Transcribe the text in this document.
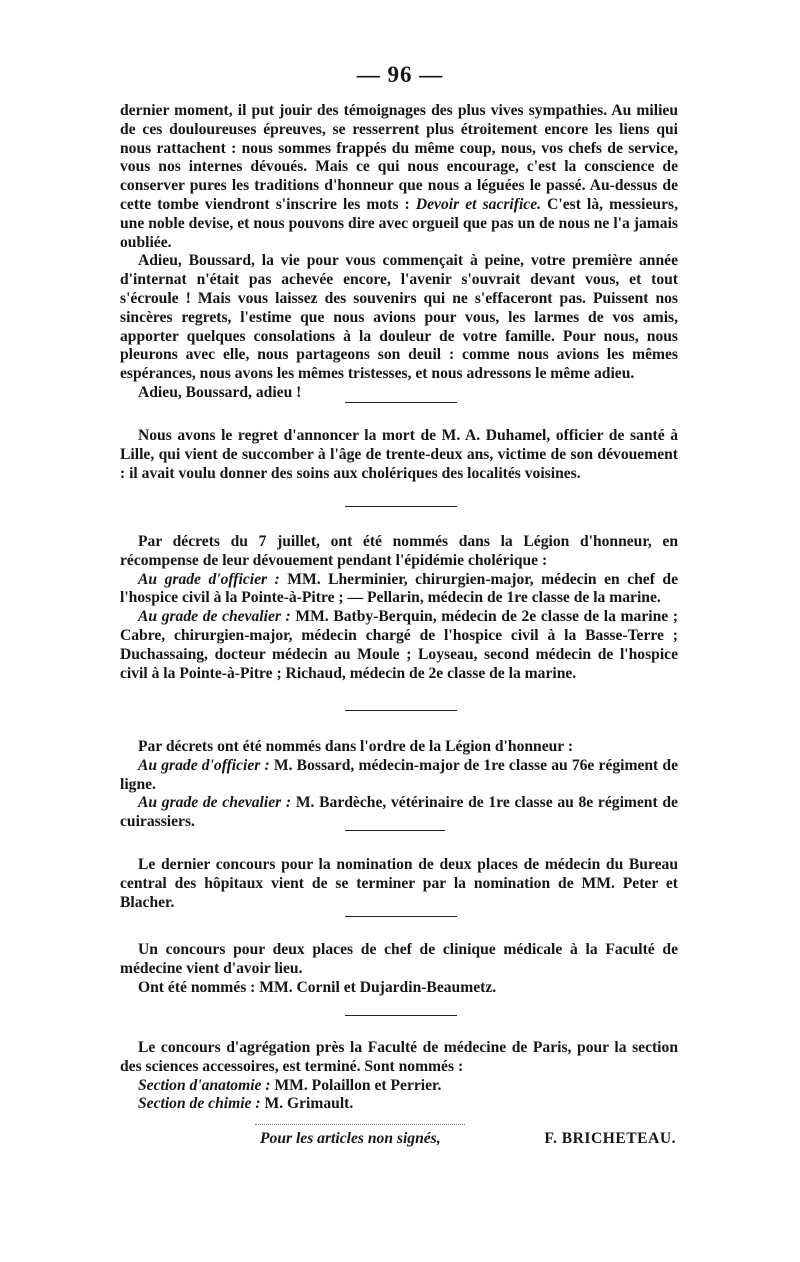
— 96 —

dernier moment, il put jouir des témoignages des plus vives sympathies. Au milieu de ces douloureuses épreuves, se resserrent plus étroitement encore les liens qui nous rattachent : nous sommes frappés du même coup, nous, vos chefs de service, vous nos internes dévoués. Mais ce qui nous encourage, c'est la conscience de conserver pures les traditions d'honneur que nous a léguées le passé. Au-dessus de cette tombe viendront s'inscrire les mots : Devoir et sacrifice. C'est là, messieurs, une noble devise, et nous pouvons dire avec orgueil que pas un de nous ne l'a jamais oubliée.

Adieu, Boussard, la vie pour vous commençait à peine, votre première année d'internat n'était pas achevée encore, l'avenir s'ouvrait devant vous, et tout s'écroule ! Mais vous laissez des souvenirs qui ne s'effaceront pas. Puissent nos sincères regrets, l'estime que nous avions pour vous, les larmes de vos amis, apporter quelques consolations à la douleur de votre famille. Pour nous, nous pleurons avec elle, nous partageons son deuil : comme nous avions les mêmes espérances, nous avons les mêmes tristesses, et nous adressons le même adieu.

Adieu, Boussard, adieu !

Nous avons le regret d'annoncer la mort de M. A. Duhamel, officier de santé à Lille, qui vient de succomber à l'âge de trente-deux ans, victime de son dévouement : il avait voulu donner des soins aux cholériques des localités voisines.

Par décrets du 7 juillet, ont été nommés dans la Légion d'honneur, en récompense de leur dévouement pendant l'épidémie cholérique :

Au grade d'officier : MM. Lherminier, chirurgien-major, médecin en chef de l'hospice civil à la Pointe-à-Pitre ; — Pellarin, médecin de 1re classe de la marine.

Au grade de chevalier : MM. Batby-Berquin, médecin de 2e classe de la marine ; Cabre, chirurgien-major, médecin chargé de l'hospice civil à la Basse-Terre ; Duchassaing, docteur médecin au Moule ; Loyseau, second médecin de l'hospice civil à la Pointe-à-Pitre ; Richaud, médecin de 2e classe de la marine.

Par décrets ont été nommés dans l'ordre de la Légion d'honneur :

Au grade d'officier : M. Bossard, médecin-major de 1re classe au 76e régiment de ligne.

Au grade de chevalier : M. Bardèche, vétérinaire de 1re classe au 8e régiment de cuirassiers.

Le dernier concours pour la nomination de deux places de médecin du Bureau central des hôpitaux vient de se terminer par la nomination de MM. Peter et Blacher.

Un concours pour deux places de chef de clinique médicale à la Faculté de médecine vient d'avoir lieu.

Ont été nommés : MM. Cornil et Dujardin-Beaumetz.

Le concours d'agrégation près la Faculté de médecine de Paris, pour la section des sciences accessoires, est terminé. Sont nommés :

Section d'anatomie : MM. Polaillon et Perrier.

Section de chimie : M. Grimault.

Pour les articles non signés,	F. BRICHETEAU.
